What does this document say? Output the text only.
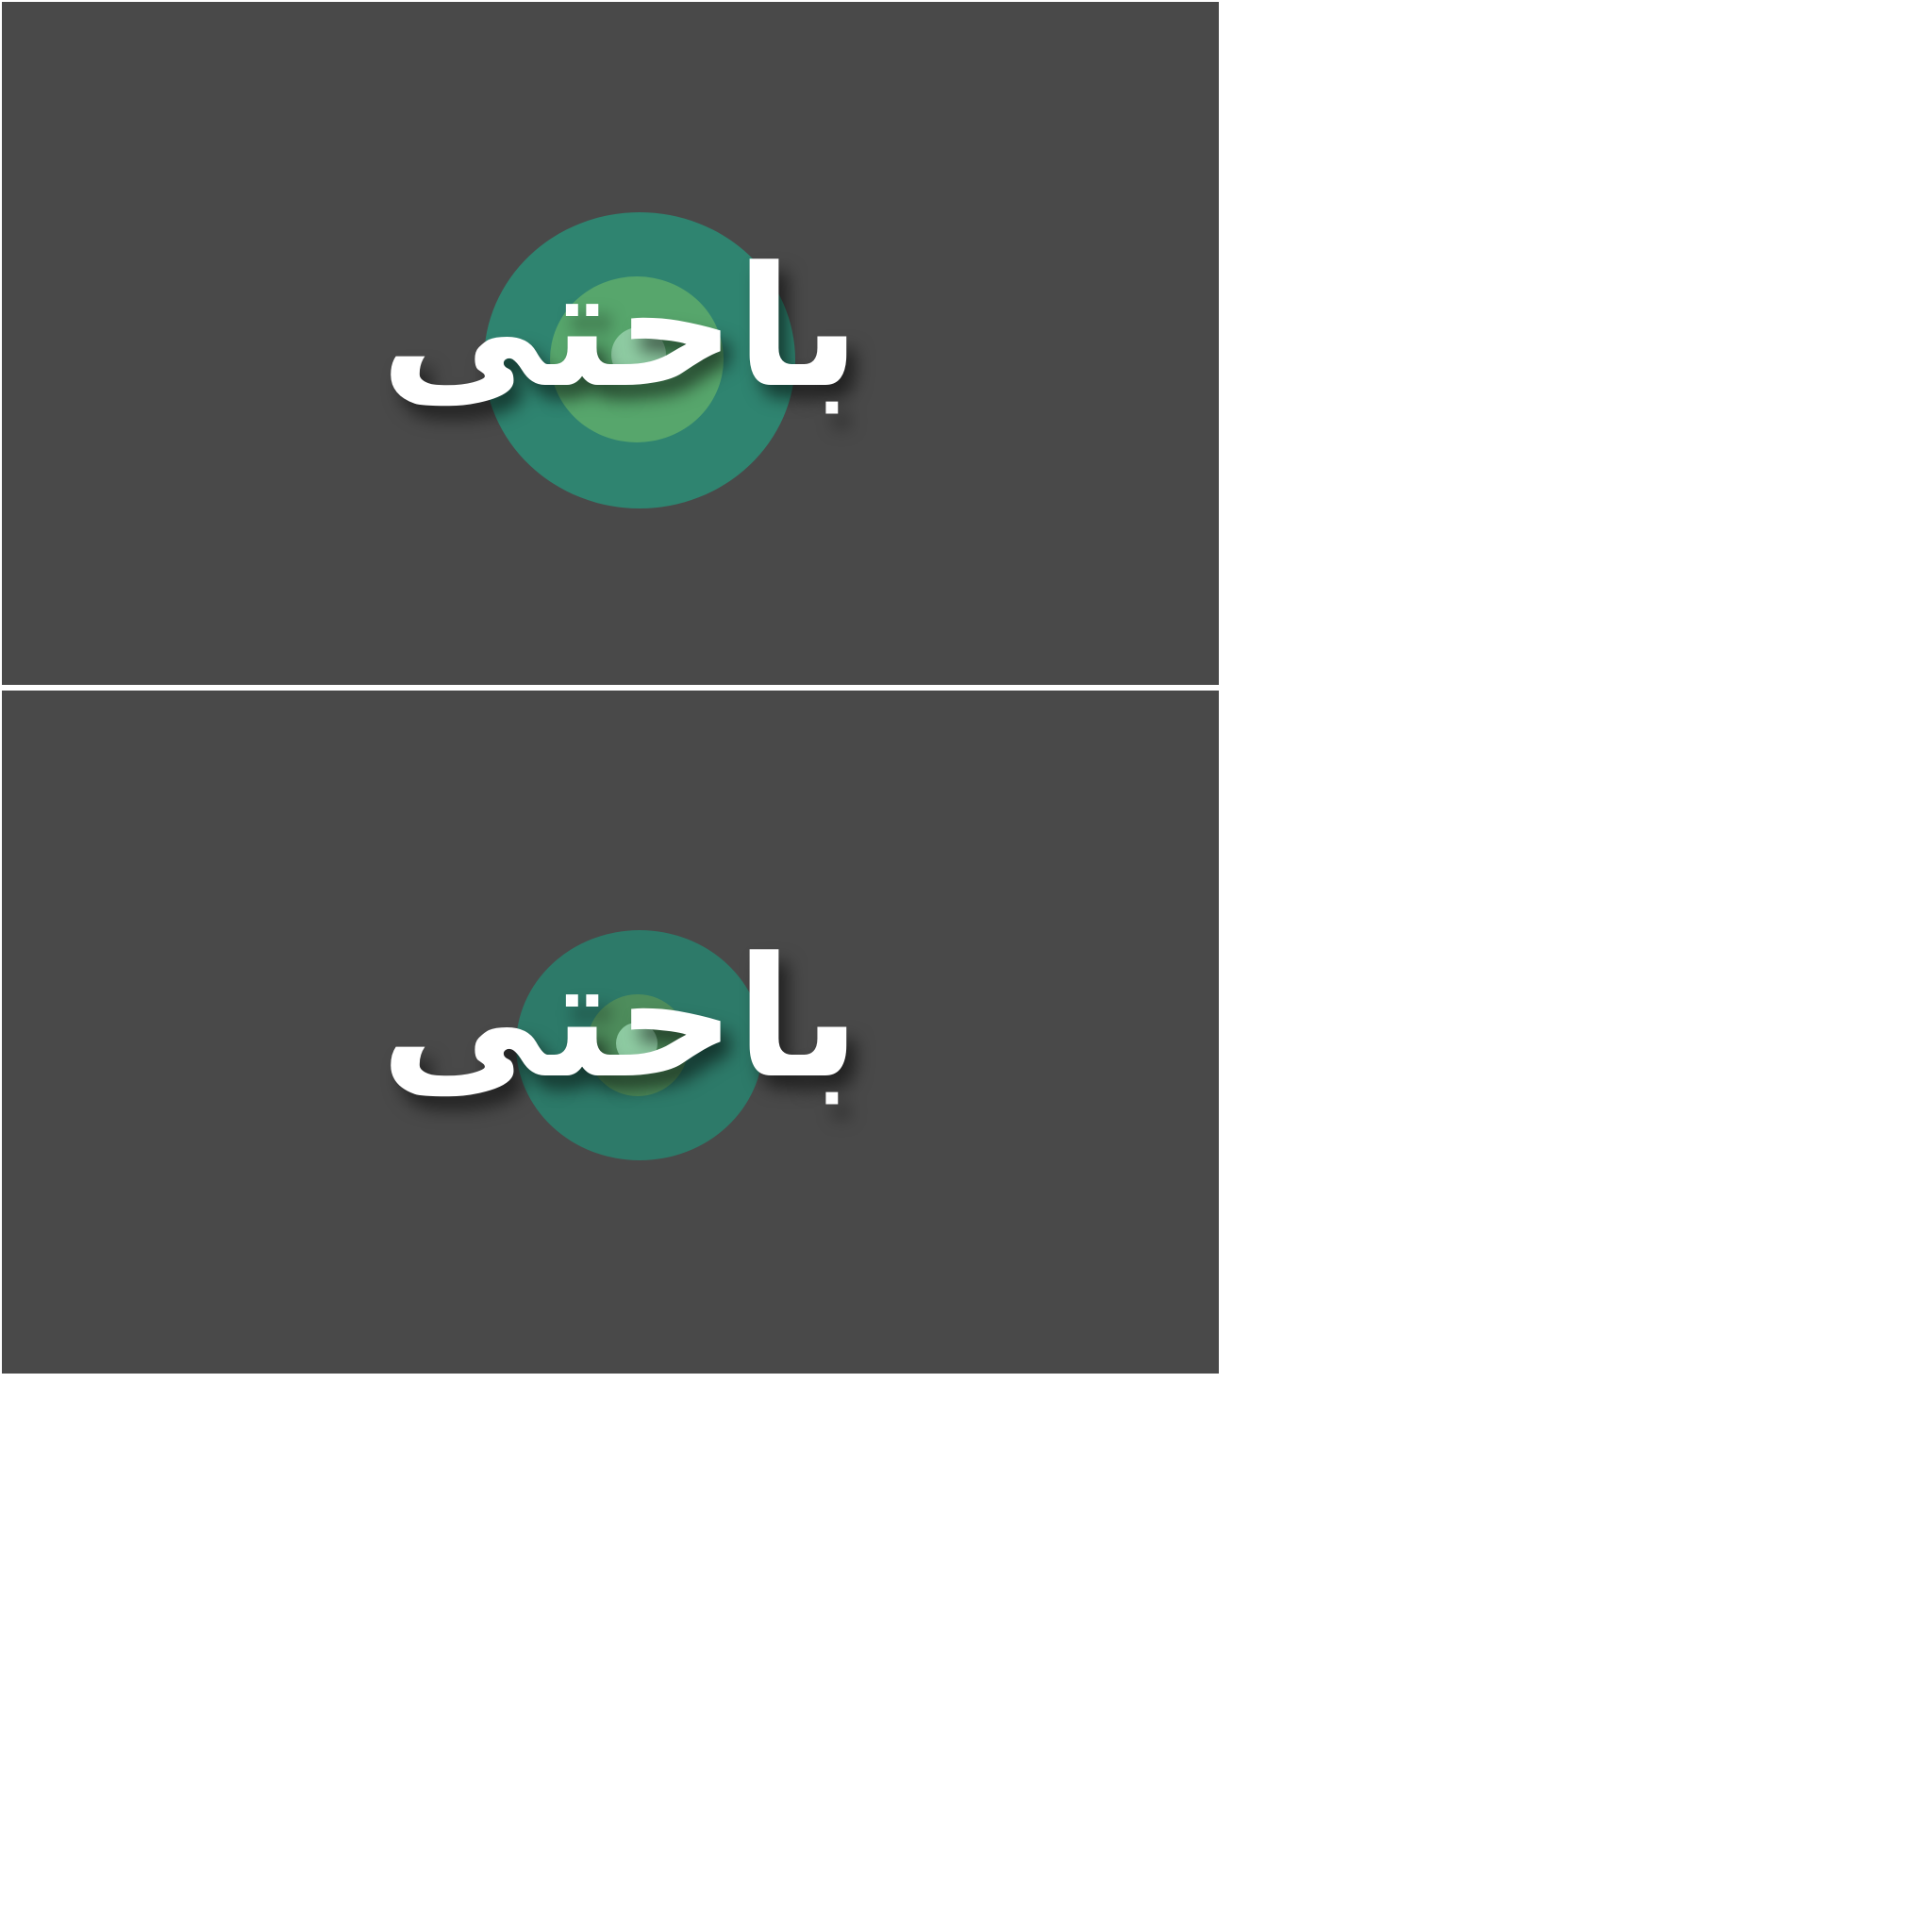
باحتی
باحتی
